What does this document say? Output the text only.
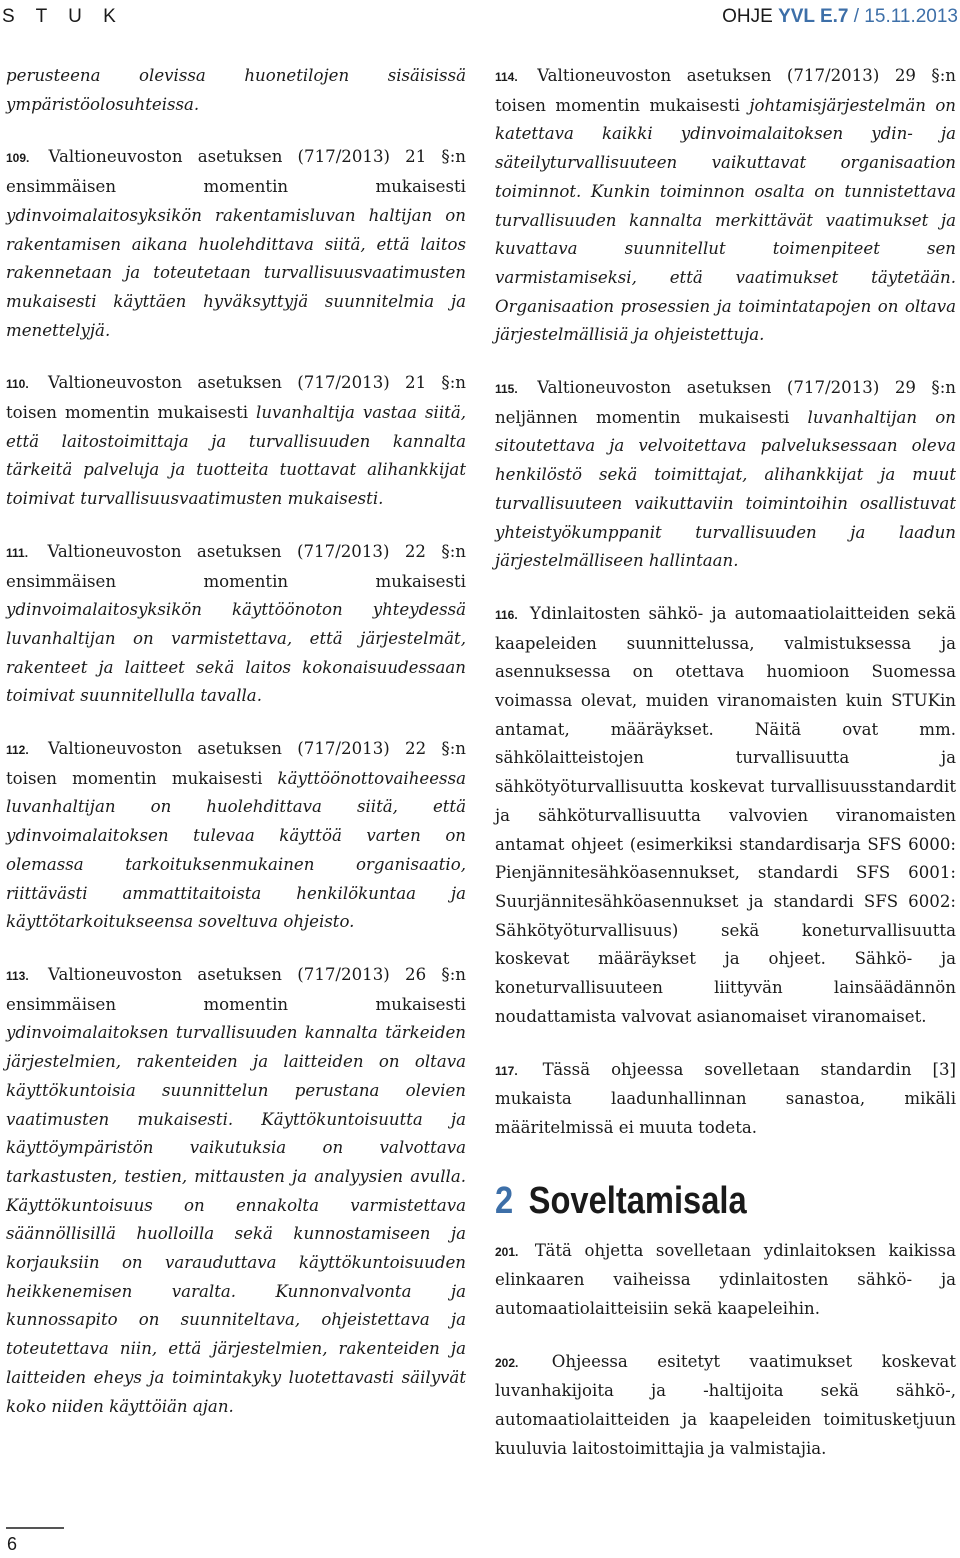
S T U K	OHJE YVL E.7 / 15.11.2013

perusteena olevissa huonetilojen sisäisissä ympäristöolosuhteissa.

109. Valtioneuvoston asetuksen (717/2013) 21 §:n ensimmäisen momentin mukaisesti ydinvoimalaitosyksikön rakentamisluvan haltijan on rakentamisen aikana huolehdittava siitä, että laitos rakennetaan ja toteutetaan turvallisuusvaatimusten mukaisesti käyttäen hyväksyttyjä suunnitelmia ja menettelyjä.

110. Valtioneuvoston asetuksen (717/2013) 21 §:n toisen momentin mukaisesti luvanhaltija vastaa siitä, että laitostoimittaja ja turvallisuuden kannalta tärkeitä palveluja ja tuotteita tuottavat alihankkijat toimivat turvallisuusvaatimusten mukaisesti.

111. Valtioneuvoston asetuksen (717/2013) 22 §:n ensimmäisen momentin mukaisesti ydinvoimalaitosyksikön käyttöönoton yhteydessä luvanhaltijan on varmistettava, että järjestelmät, rakenteet ja laitteet sekä laitos kokonaisuudessaan toimivat suunnitellulla tavalla.

112. Valtioneuvoston asetuksen (717/2013) 22 §:n toisen momentin mukaisesti käyttöönottovaiheessa luvanhaltijan on huolehdittava siitä, että ydinvoimalaitoksen tulevaa käyttöä varten on olemassa tarkoituksenmukainen organisaatio, riittävästi ammattitaitoista henkilökuntaa ja käyttötarkoitukseensa soveltuva ohjeisto.

113. Valtioneuvoston asetuksen (717/2013) 26 §:n ensimmäisen momentin mukaisesti ydinvoimalaitoksen turvallisuuden kannalta tärkeiden järjestelmien, rakenteiden ja laitteiden on oltava käyttökuntoisia suunnittelun perustana olevien vaatimusten mukaisesti. Käyttökuntoisuutta ja käyttöympäristön vaikutuksia on valvottava tarkastusten, testien, mittausten ja analyysien avulla. Käyttökuntoisuus on ennakolta varmistettava säännöllisillä huolloilla sekä kunnostamiseen ja korjauksiin on varauduttava käyttökuntoisuuden heikkenemisen varalta. Kunnonvalvonta ja kunnossapito on suunniteltava, ohjeistettava ja toteutettava niin, että järjestelmien, rakenteiden ja laitteiden eheys ja toimintakyky luotettavasti säilyvät koko niiden käyttöiän ajan.

114. Valtioneuvoston asetuksen (717/2013) 29 §:n toisen momentin mukaisesti johtamisjärjestelmän on katettava kaikki ydinvoimalaitoksen ydin- ja säteilyturvallisuuteen vaikuttavat organisaation toiminnot. Kunkin toiminnon osalta on tunnistettava turvallisuuden kannalta merkittävät vaatimukset ja kuvattava suunnitellut toimenpiteet sen varmistamiseksi, että vaatimukset täytetään. Organisaation prosessien ja toimintatapojen on oltava järjestelmällisiä ja ohjeistettuja.

115. Valtioneuvoston asetuksen (717/2013) 29 §:n neljännen momentin mukaisesti luvanhaltijan on sitoutettava ja velvoitettava palveluksessaan oleva henkilöstö sekä toimittajat, alihankkijat ja muut turvallisuuteen vaikuttaviin toimintoihin osallistuvat yhteistyökumppanit turvallisuuden ja laadun järjestelmälliseen hallintaan.

116. Ydinlaitosten sähkö- ja automaatiolaitteiden sekä kaapeleiden suunnittelussa, valmistuksessa ja asennuksessa on otettava huomioon Suomessa voimassa olevat, muiden viranomaisten kuin STUKin antamat, määräykset. Näitä ovat mm. sähkölaitteistojen turvallisuutta ja sähkötyöturvallisuutta koskevat turvallisuusstandardit ja sähköturvallisuutta valvovien viranomaisten antamat ohjeet (esimerkiksi standardisarja SFS 6000: Pienjännitesähköasennukset, standardi SFS 6001: Suurjännitesähköasennukset ja standardi SFS 6002: Sähkötyöturvallisuus) sekä koneturvallisuutta koskevat määräykset ja ohjeet. Sähkö- ja koneturvallisuuteen liittyvän lainsäädännön noudattamista valvovat asianomaiset viranomaiset.

117. Tässä ohjeessa sovelletaan standardin [3] mukaista laadunhallinnan sanastoa, mikäli määritelmissä ei muuta todeta.

2 Soveltamisala

201. Tätä ohjetta sovelletaan ydinlaitoksen kaikissa elinkaaren vaiheissa ydinlaitosten sähkö- ja automaatiolaitteisiin sekä kaapeleihin.

202. Ohjeessa esitetyt vaatimukset koskevat luvanhakijoita ja -haltijoita sekä sähkö-, automaatiolaitteiden ja kaapeleiden toimitusketjuun kuuluvia laitostoimittajia ja valmistajia.

6
